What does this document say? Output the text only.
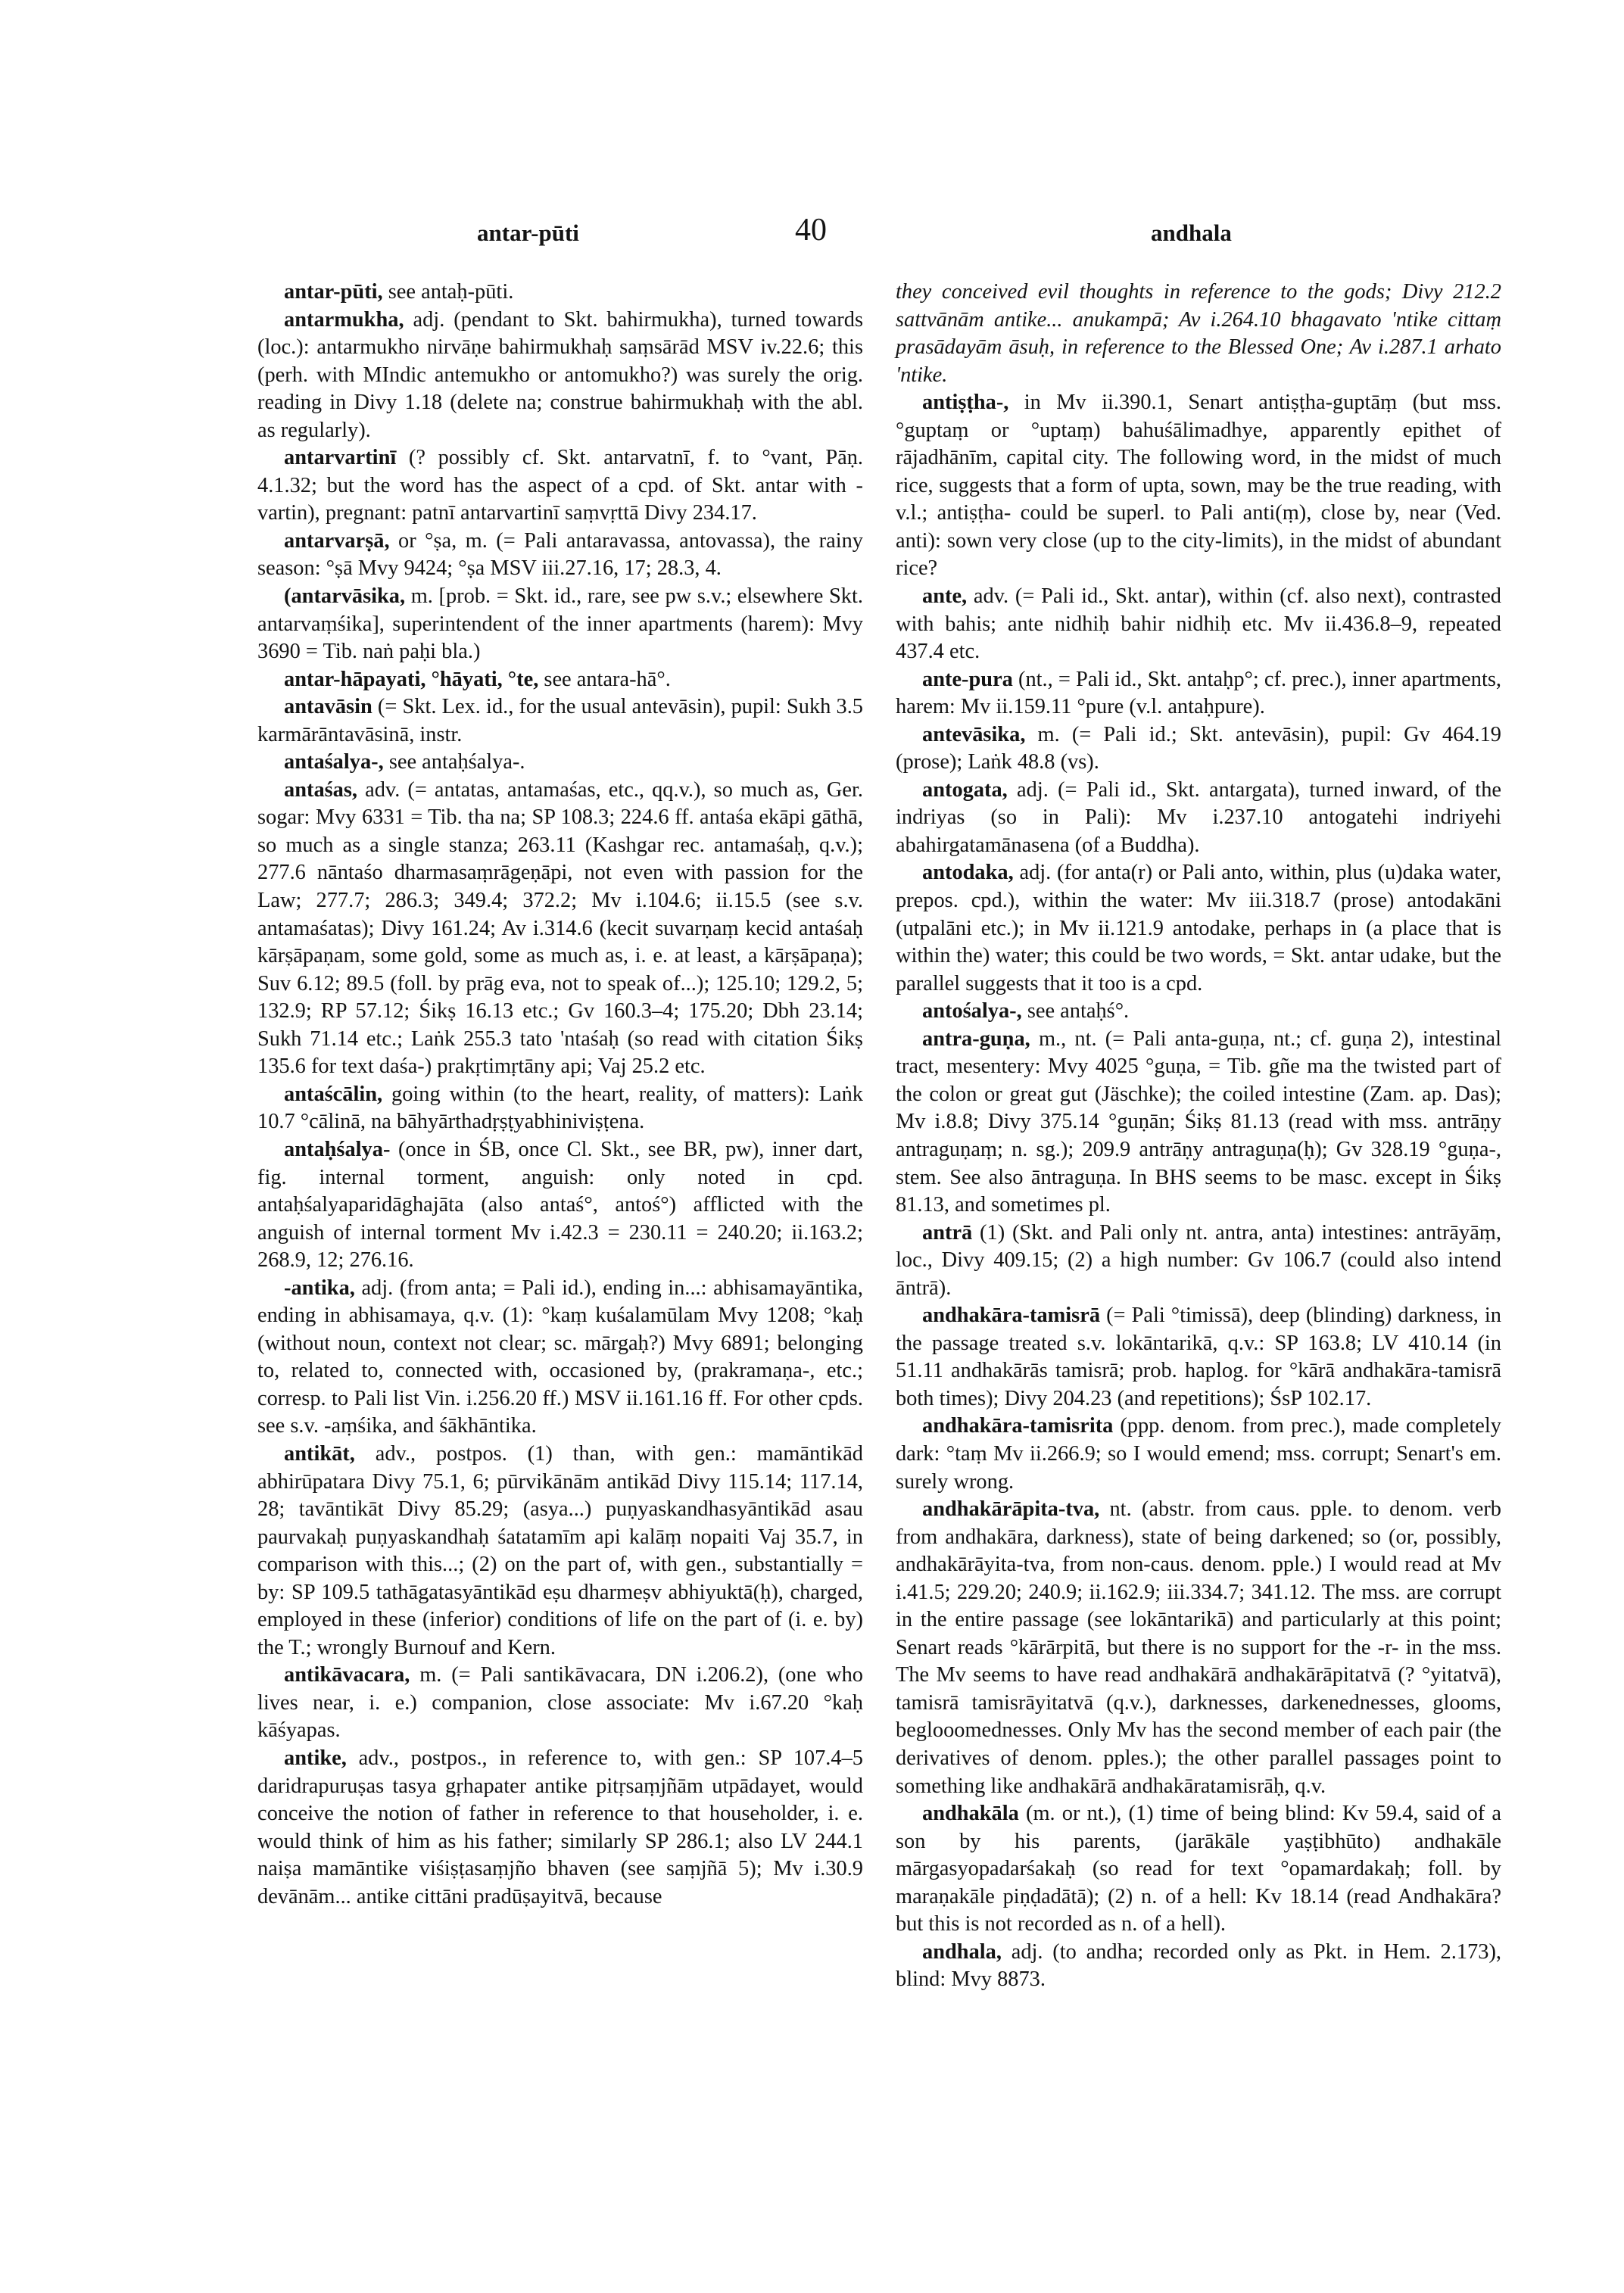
antar-pūti	40	andhala

antar-pūti, see antaḥ-pūti.

antarmukha, adj. (pendant to Skt. bahirmukha), turned towards (loc.): antarmukho nirvāṇe bahirmukhaḥ saṃsārād MSV iv.22.6; this (perh. with MIndic antemukho or antomukho?) was surely the orig. reading in Divy 1.18 (delete na; construe bahirmukhaḥ with the abl. as regularly).

antarvartinī (? possibly cf. Skt. antarvatnī, f. to °vant, Pāṇ. 4.1.32; but the word has the aspect of a cpd. of Skt. antar with -vartin), pregnant: patnī antarvartinī saṃvṛttā Divy 234.17.

antarvarṣā, or °ṣa, m. (= Pali antaravassa, antovassa), the rainy season: °ṣā Mvy 9424; °ṣa MSV iii.27.16, 17; 28.3, 4.

(antarvāsika, m. [prob. = Skt. id., rare, see pw s.v.; elsewhere Skt. antarvaṃśika], superintendent of the inner apartments (harem): Mvy 3690 = Tib. naṅ paḥi bla.)

antar-hāpayati, °hāyati, °te, see antara-hā°.

antavāsin (= Skt. Lex. id., for the usual antevāsin), pupil: Sukh 3.5 karmārāntavāsinā, instr.

antaśalya-, see antaḥśalya-.

antaśas, adv. (= antatas, antamaśas, etc., qq.v.), so much as, Ger. sogar: Mvy 6331 = Tib. tha na; SP 108.3; 224.6 ff. antaśa ekāpi gāthā, so much as a single stanza; 263.11 (Kashgar rec. antamaśaḥ, q.v.); 277.6 nāntaśo dharmasaṃrāgeṇāpi, not even with passion for the Law; 277.7; 286.3; 349.4; 372.2; Mv i.104.6; ii.15.5 (see s.v. antamaśatas); Divy 161.24; Av i.314.6 (kecit suvarṇaṃ kecid antaśaḥ kārṣāpaṇam, some gold, some as much as, i. e. at least, a kārṣāpaṇa); Suv 6.12; 89.5 (foll. by prāg eva, not to speak of...); 125.10; 129.2, 5; 132.9; RP 57.12; Śikṣ 16.13 etc.; Gv 160.3–4; 175.20; Dbh 23.14; Sukh 71.14 etc.; Laṅk 255.3 tato 'ntaśaḥ (so read with citation Śikṣ 135.6 for text daśa-) prakṛtimṛtāny api; Vaj 25.2 etc.

antaścālin, going within (to the heart, reality, of matters): Laṅk 10.7 °cālinā, na bāhyārthadṛṣṭyabhiniviṣṭena.

antaḥśalya- (once in ŚB, once Cl. Skt., see BR, pw), inner dart, fig. internal torment, anguish: only noted in cpd. antaḥśalyaparidāghajāta (also antaś°, antoś°) afflicted with the anguish of internal torment Mv i.42.3 = 230.11 = 240.20; ii.163.2; 268.9, 12; 276.16.

-antika, adj. (from anta; = Pali id.), ending in...: abhisamayāntika, ending in abhisamaya, q.v. (1): °kaṃ kuśalamūlam Mvy 1208; °kaḥ (without noun, context not clear; sc. mārgaḥ?) Mvy 6891; belonging to, related to, connected with, occasioned by, (prakramaṇa-, etc.; corresp. to Pali list Vin. i.256.20 ff.) MSV ii.161.16 ff. For other cpds. see s.v. -aṃśika, and śākhāntika.

antikāt, adv., postpos. (1) than, with gen.: mamāntikād abhirūpatara Divy 75.1, 6; pūrvikānām antikād Divy 115.14; 117.14, 28; tavāntikāt Divy 85.29; (asya...) puṇyaskandhasyāntikād asau paurvakaḥ puṇyaskandhaḥ śatatamīm api kalāṃ nopaiti Vaj 35.7, in comparison with this...; (2) on the part of, with gen., substantially = by: SP 109.5 tathāgatasyāntikād eṣu dharmeṣv abhiyuktā(ḥ), charged, employed in these (inferior) conditions of life on the part of (i. e. by) the T.; wrongly Burnouf and Kern.

antikāvacara, m. (= Pali santikāvacara, DN i.206.2), (one who lives near, i. e.) companion, close associate: Mv i.67.20 °kaḥ kāśyapas.

antike, adv., postpos., in reference to, with gen.: SP 107.4–5 daridrapuruṣas tasya gṛhapater antike pitṛsaṃjñām utpādayet, would conceive the notion of father in reference to that householder, i. e. would think of him as his father; similarly SP 286.1; also LV 244.1 naiṣa mamāntike viśiṣṭasaṃjño bhaven (see saṃjñā 5); Mv i.30.9 devānām... antike cittāni pradūṣayitvā, because

they conceived evil thoughts in reference to the gods; Divy 212.2 sattvānām antike... anukampā; Av i.264.10 bhagavato 'ntike cittaṃ prasādayām āsuḥ, in reference to the Blessed One; Av i.287.1 arhato 'ntike.

antiṣṭha-, in Mv ii.390.1, Senart antiṣṭha-guptāṃ (but mss. °guptaṃ or °uptaṃ) bahuśālimadhye, apparently epithet of rājadhānīm, capital city. The following word, in the midst of much rice, suggests that a form of upta, sown, may be the true reading, with v.l.; antiṣṭha- could be superl. to Pali anti(ṃ), close by, near (Ved. anti): sown very close (up to the city-limits), in the midst of abundant rice?

ante, adv. (= Pali id., Skt. antar), within (cf. also next), contrasted with bahis; ante nidhiḥ bahir nidhiḥ etc. Mv ii.436.8–9, repeated 437.4 etc.

ante-pura (nt., = Pali id., Skt. antaḥp°; cf. prec.), inner apartments, harem: Mv ii.159.11 °pure (v.l. antaḥpure).

antevāsika, m. (= Pali id.; Skt. antevāsin), pupil: Gv 464.19 (prose); Laṅk 48.8 (vs).

antogata, adj. (= Pali id., Skt. antargata), turned inward, of the indriyas (so in Pali): Mv i.237.10 antogatehi indriyehi abahirgatamānasena (of a Buddha).

antodaka, adj. (for anta(r) or Pali anto, within, plus (u)daka water, prepos. cpd.), within the water: Mv iii.318.7 (prose) antodakāni (utpalāni etc.); in Mv ii.121.9 antodake, perhaps in (a place that is within the) water; this could be two words, = Skt. antar udake, but the parallel suggests that it too is a cpd.

antośalya-, see antaḥś°.

antra-guṇa, m., nt. (= Pali anta-guṇa, nt.; cf. guṇa 2), intestinal tract, mesentery: Mvy 4025 °guṇa, = Tib. gñe ma the twisted part of the colon or great gut (Jäschke); the coiled intestine (Zam. ap. Das); Mv i.8.8; Divy 375.14 °guṇān; Śikṣ 81.13 (read with mss. antrāṇy antraguṇaṃ; n. sg.); 209.9 antrāṇy antraguṇa(ḥ); Gv 328.19 °guṇa-, stem. See also āntraguṇa. In BHS seems to be masc. except in Śikṣ 81.13, and sometimes pl.

antrā (1) (Skt. and Pali only nt. antra, anta) intestines: antrāyāṃ, loc., Divy 409.15; (2) a high number: Gv 106.7 (could also intend āntrā).

andhakāra-tamisrā (= Pali °timissā), deep (blinding) darkness, in the passage treated s.v. lokāntarikā, q.v.: SP 163.8; LV 410.14 (in 51.11 andhakārās tamisrā; prob. haplog. for °kārā andhakāra-tamisrā both times); Divy 204.23 (and repetitions); ŚsP 102.17.

andhakāra-tamisrita (ppp. denom. from prec.), made completely dark: °taṃ Mv ii.266.9; so I would emend; mss. corrupt; Senart's em. surely wrong.

andhakārāpita-tva, nt. (abstr. from caus. pple. to denom. verb from andhakāra, darkness), state of being darkened; so (or, possibly, andhakārāyita-tva, from non-caus. denom. pple.) I would read at Mv i.41.5; 229.20; 240.9; ii.162.9; iii.334.7; 341.12. The mss. are corrupt in the entire passage (see lokāntarikā) and particularly at this point; Senart reads °kārārpitā, but there is no support for the -r- in the mss. The Mv seems to have read andhakārā andhakārāpitatvā (? °yitatvā), tamisrā tamisrāyitatvā (q.v.), darknesses, darkenednesses, glooms, beglooomednesses. Only Mv has the second member of each pair (the derivatives of denom. pples.); the other parallel passages point to something like andhakārā andhakāratamisrāḥ, q.v.

andhakāla (m. or nt.), (1) time of being blind: Kv 59.4, said of a son by his parents, (jarākāle yaṣṭibhūto) andhakāle mārgasyopadarśakaḥ (so read for text °opamardakaḥ; foll. by maraṇakāle piṇḍadātā); (2) n. of a hell: Kv 18.14 (read Andhakāra? but this is not recorded as n. of a hell).

andhala, adj. (to andha; recorded only as Pkt. in Hem. 2.173), blind: Mvy 8873.
